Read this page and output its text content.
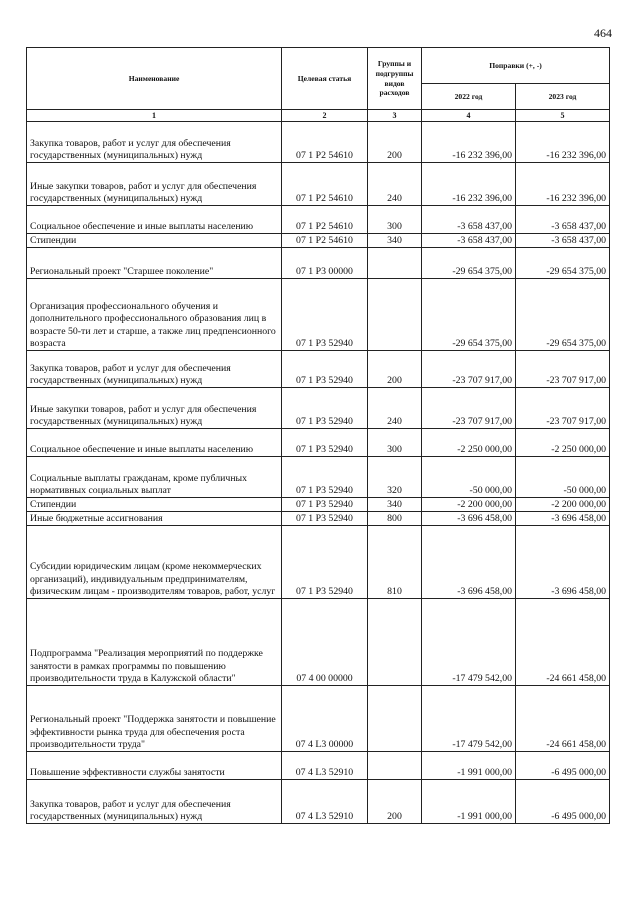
464
Наименование	Целевая статья	Группы и подгруппы видов расходов	Поправки (+, -)	
			2022 год	2023 год
1	2	3	4	5
Закупка товаров, работ и услуг для обеспечения государственных (муниципальных) нужд	07 1 P2 54610	200	-16 232 396,00	-16 232 396,00
Иные закупки товаров, работ и услуг для обеспечения государственных (муниципальных) нужд	07 1 P2 54610	240	-16 232 396,00	-16 232 396,00
Социальное обеспечение и иные выплаты населению	07 1 P2 54610	300	-3 658 437,00	-3 658 437,00
Стипендии	07 1 P2 54610	340	-3 658 437,00	-3 658 437,00
Региональный проект "Старшее поколение"	07 1 P3 00000		-29 654 375,00	-29 654 375,00
Организация профессионального обучения и дополнительного профессионального образования лиц в возрасте 50-ти лет и старше, а также лиц предпенсионного возраста	07 1 P3 52940		-29 654 375,00	-29 654 375,00
Закупка товаров, работ и услуг для обеспечения государственных (муниципальных) нужд	07 1 P3 52940	200	-23 707 917,00	-23 707 917,00
Иные закупки товаров, работ и услуг для обеспечения государственных (муниципальных) нужд	07 1 P3 52940	240	-23 707 917,00	-23 707 917,00
Социальное обеспечение и иные выплаты населению	07 1 P3 52940	300	-2 250 000,00	-2 250 000,00
Социальные выплаты гражданам, кроме публичных нормативных социальных выплат	07 1 P3 52940	320	-50 000,00	-50 000,00
Стипендии	07 1 P3 52940	340	-2 200 000,00	-2 200 000,00
Иные бюджетные ассигнования	07 1 P3 52940	800	-3 696 458,00	-3 696 458,00
Субсидии юридическим лицам (кроме некоммерческих организаций), индивидуальным предпринимателям, физическим лицам - производителям товаров, работ, услуг	07 1 P3 52940	810	-3 696 458,00	-3 696 458,00
Подпрограмма "Реализация мероприятий по поддержке занятости в рамках программы по повышению производительности труда в Калужской области"	07 4 00 00000		-17 479 542,00	-24 661 458,00
Региональный проект "Поддержка занятости и повышение эффективности рынка труда для обеспечения роста производительности труда"	07 4 L3 00000		-17 479 542,00	-24 661 458,00
Повышение эффективности службы занятости	07 4 L3 52910		-1 991 000,00	-6 495 000,00
Закупка товаров, работ и услуг для обеспечения государственных (муниципальных) нужд	07 4 L3 52910	200	-1 991 000,00	-6 495 000,00
